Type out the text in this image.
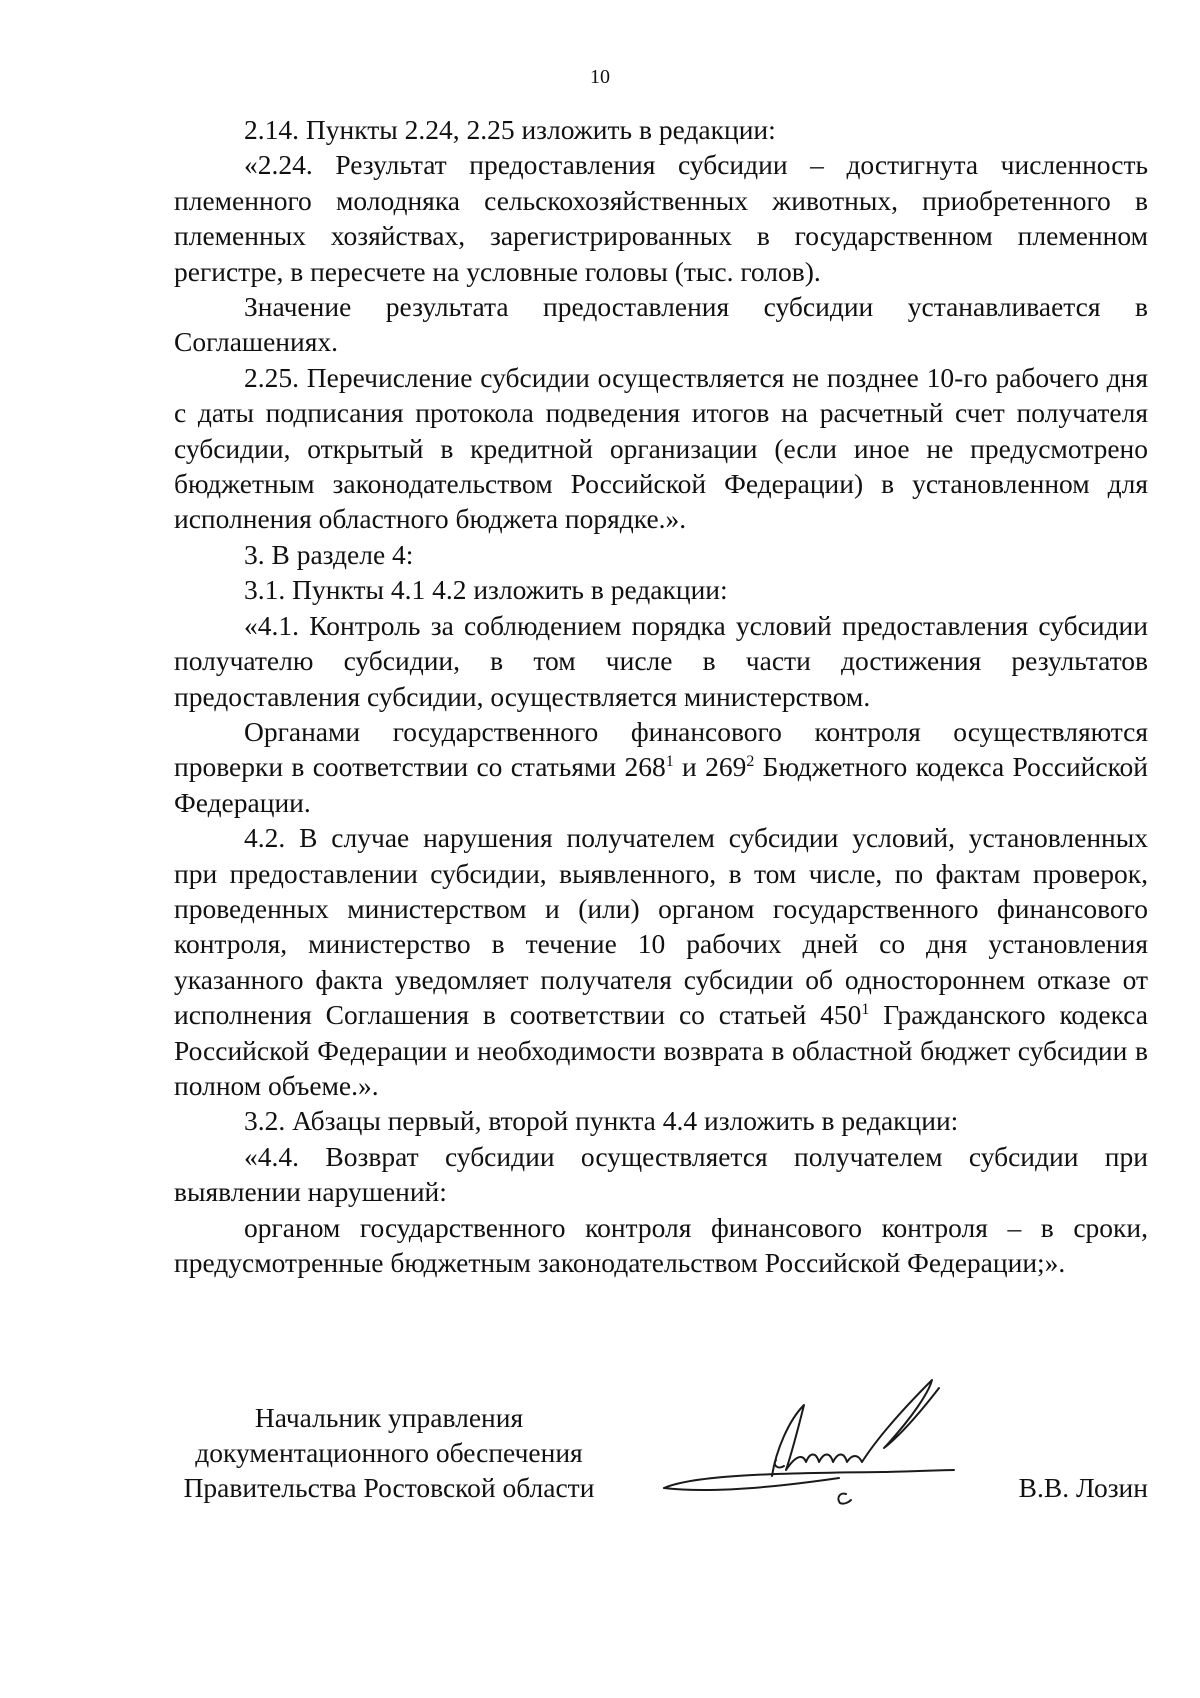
10

2.14. Пункты 2.24, 2.25 изложить в редакции:

«2.24. Результат предоставления субсидии – достигнута численность племенного молодняка сельскохозяйственных животных, приобретенного в племенных хозяйствах, зарегистрированных в государственном племенном регистре, в пересчете на условные головы (тыс. голов).

Значение результата предоставления субсидии устанавливается в Соглашениях.

2.25. Перечисление субсидии осуществляется не позднее 10-го рабочего дня с даты подписания протокола подведения итогов на расчетный счет получателя субсидии, открытый в кредитной организации (если иное не предусмотрено бюджетным законодательством Российской Федерации) в установленном для исполнения областного бюджета порядке.».

3. В разделе 4:

3.1. Пункты 4.1 4.2 изложить в редакции:

«4.1. Контроль за соблюдением порядка условий предоставления субсидии получателю субсидии, в том числе в части достижения результатов предоставления субсидии, осуществляется министерством.

Органами государственного финансового контроля осуществляются проверки в соответствии со статьями $268^1$ и $269^2$ Бюджетного кодекса Российской Федерации.

4.2. В случае нарушения получателем субсидии условий, установленных при предоставлении субсидии, выявленного, в том числе, по фактам проверок, проведенных министерством и (или) органом государственного финансового контроля, министерство в течение 10 рабочих дней со дня установления указанного факта уведомляет получателя субсидии об одностороннем отказе от исполнения Соглашения в соответствии со статьей $450^1$ Гражданского кодекса Российской Федерации и необходимости возврата в областной бюджет субсидии в полном объеме.».

3.2. Абзацы первый, второй пункта 4.4 изложить в редакции:

«4.4. Возврат субсидии осуществляется получателем субсидии при выявлении нарушений:

органом государственного контроля финансового контроля – в сроки, предусмотренные бюджетным законодательством Российской Федерации;».

Начальник управления
документационного обеспечения
Правительства Ростовской области	В.В. Лозин
